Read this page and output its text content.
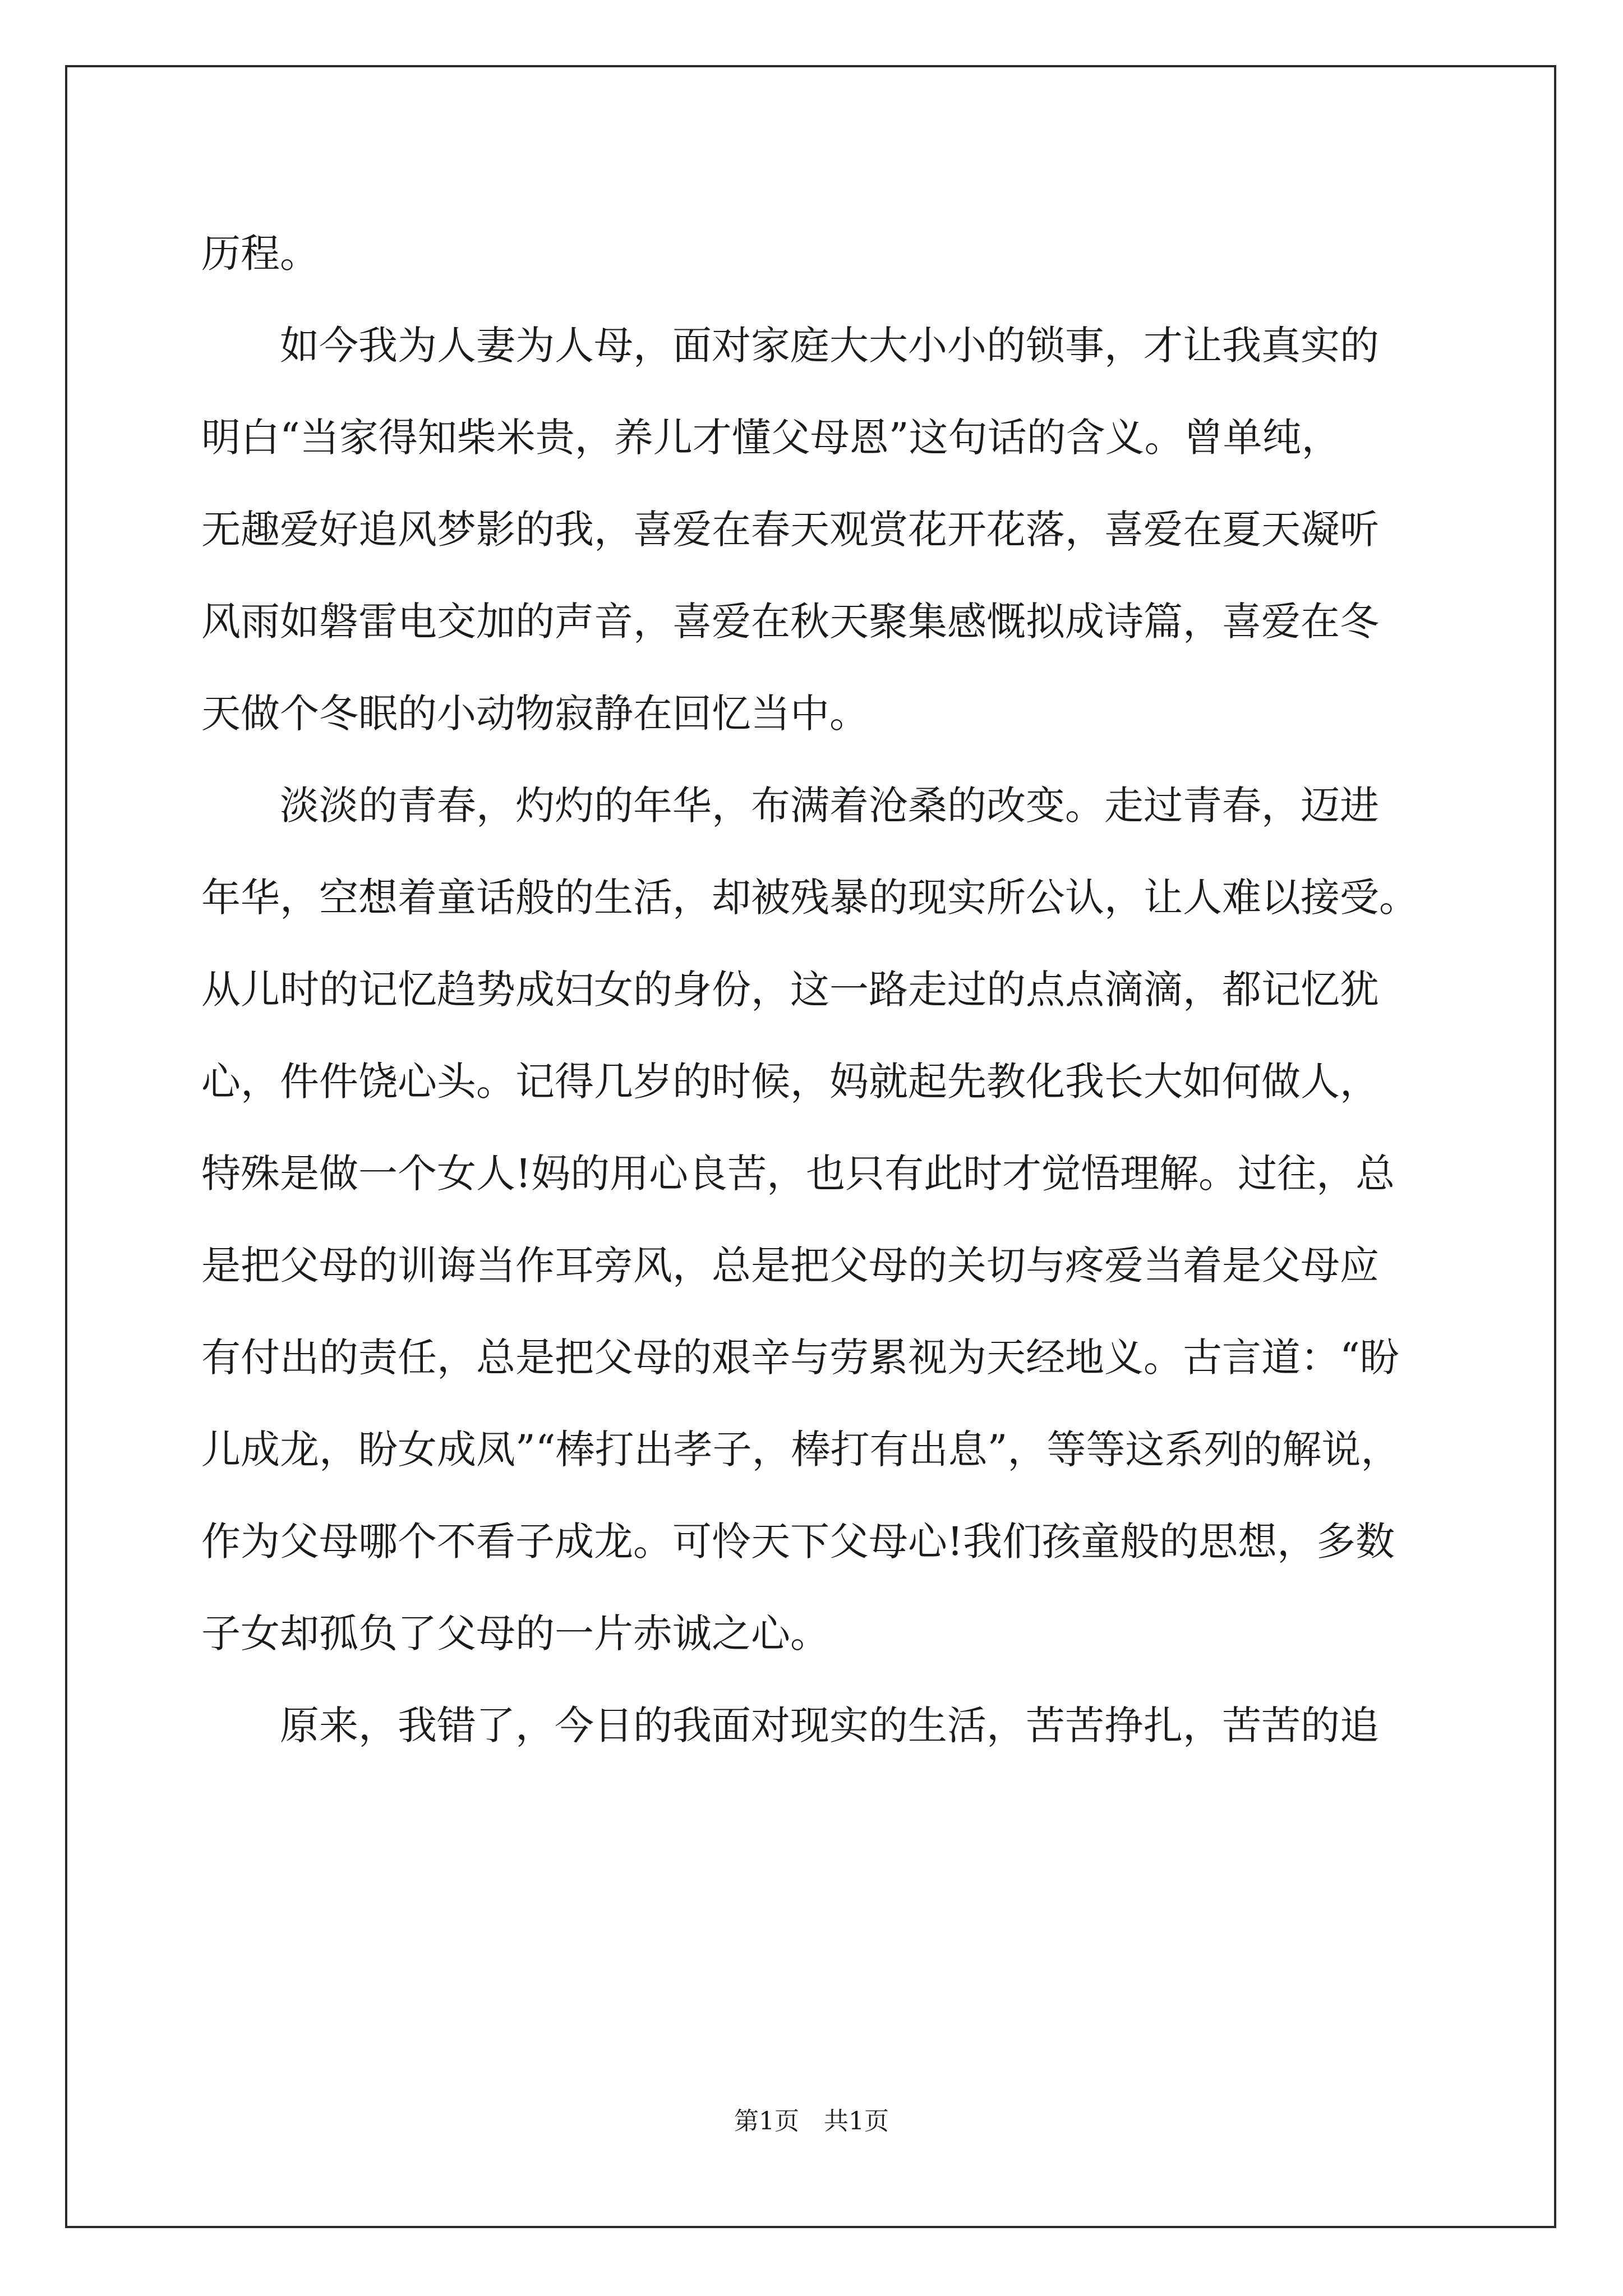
历程。

如今我为人妻为人母，面对家庭大大小小的锁事，才让我真实的
明白“当家得知柴米贵，养儿才懂父母恩”这句话的含义。曾单纯，
无趣爱好追风梦影的我，喜爱在春天观赏花开花落，喜爱在夏天凝听
风雨如磐雷电交加的声音，喜爱在秋天聚集感慨拟成诗篇，喜爱在冬
天做个冬眠的小动物寂静在回忆当中。

淡淡的青春，灼灼的年华，布满着沧桑的改变。走过青春，迈进
年华，空想着童话般的生活，却被残暴的现实所公认，让人难以接受。
从儿时的记忆趋势成妇女的身份，这一路走过的点点滴滴，都记忆犹
心，件件饶心头。记得几岁的时候，妈就起先教化我长大如何做人，
特殊是做一个女人!妈的用心良苦，也只有此时才觉悟理解。过往，总
是把父母的训诲当作耳旁风，总是把父母的关切与疼爱当着是父母应
有付出的责任，总是把父母的艰辛与劳累视为天经地义。古言道：“盼
儿成龙，盼女成凤”“棒打出孝子，棒打有出息”，等等这系列的解说，
作为父母哪个不看子成龙。可怜天下父母心!我们孩童般的思想，多数
子女却孤负了父母的一片赤诚之心。

原来，我错了，今日的我面对现实的生活，苦苦挣扎，苦苦的追

第1页 共1页
